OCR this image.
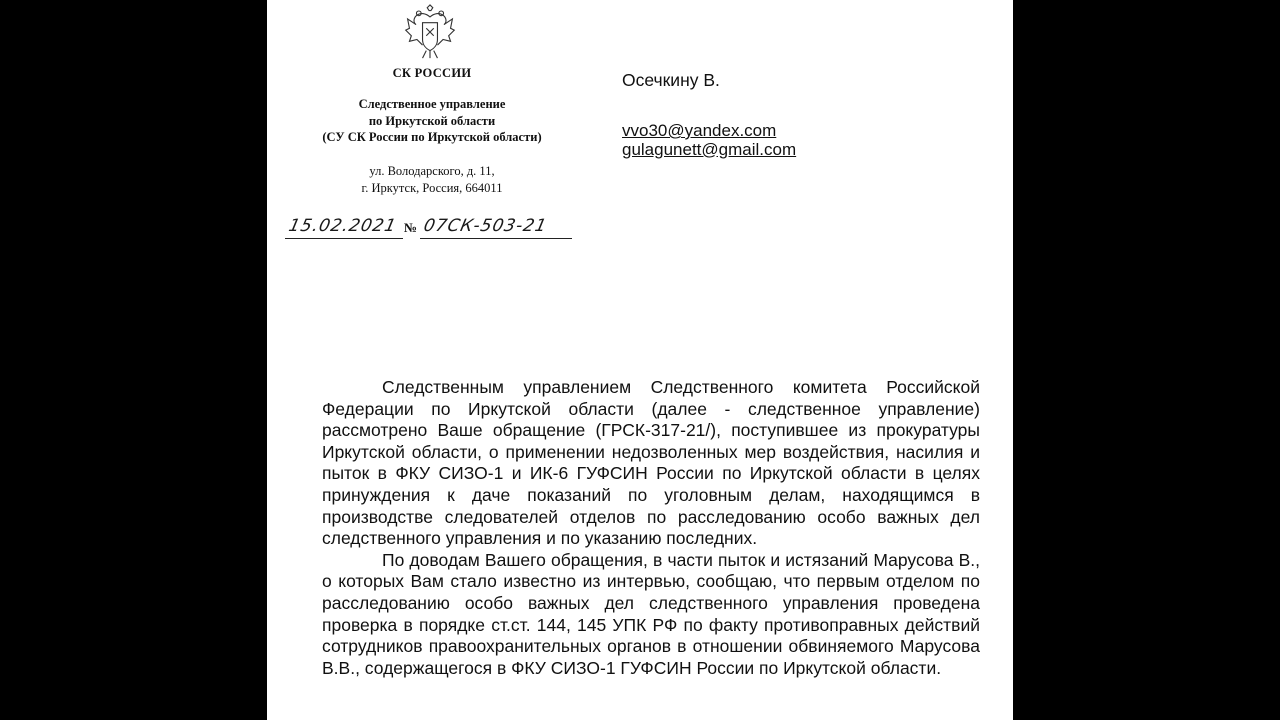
СК РОССИИ
Следственное управление
по Иркутской области
(СУ СК России по Иркутской области)
ул. Володарского, д. 11,
г. Иркутск, Россия, 664011
15.02.2021 № 07СК-503-21
Осечкину В.
vvo30@yandex.com
gulagunett@gmail.com

Следственным управлением Следственного комитета Российской Федерации по Иркутской области (далее - следственное управление) рассмотрено Ваше обращение (ГРСК-317-21/), поступившее из прокуратуры Иркутской области, о применении недозволенных мер воздействия, насилия и пыток в ФКУ СИЗО-1 и ИК-6 ГУФСИН России по Иркутской области в целях принуждения к даче показаний по уголовным делам, находящимся в производстве следователей отделов по расследованию особо важных дел следственного управления и по указанию последних.

По доводам Вашего обращения, в части пыток и истязаний Марусова В., о которых Вам стало известно из интервью, сообщаю, что первым отделом по расследованию особо важных дел следственного управления проведена проверка в порядке ст.ст. 144, 145 УПК РФ по факту противоправных действий сотрудников правоохранительных органов в отношении обвиняемого Марусова В.В., содержащегося в ФКУ СИЗО-1 ГУФСИН России по Иркутской области.
